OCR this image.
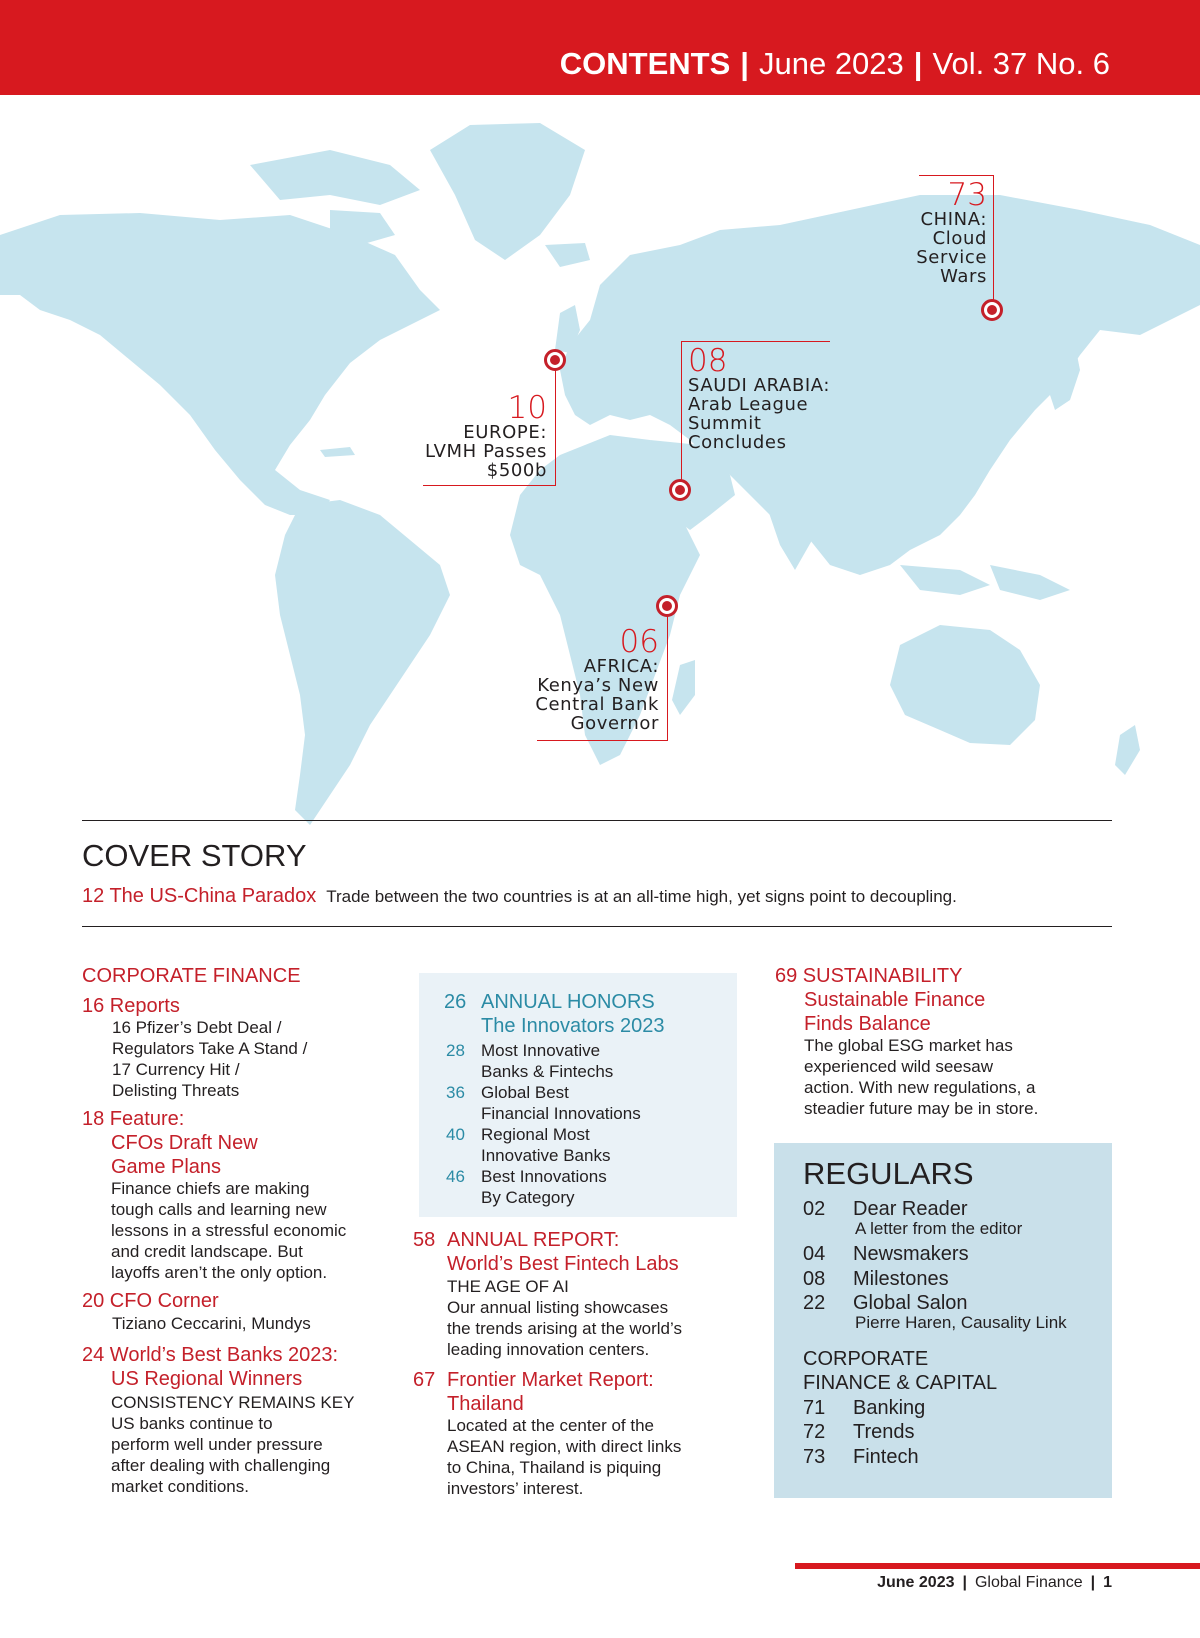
CONTENTS | June 2023 | Vol. 37 No. 6
73
CHINA:
Cloud
Service
Wars
08
SAUDI ARABIA:
Arab League
Summit
Concludes
10
EUROPE:
LVMH Passes
$500b
06
AFRICA:
Kenya’s New
Central Bank
Governor
COVER STORY
12 The US-China Paradox Trade between the two countries is at an all-time high, yet signs point to decoupling.
CORPORATE FINANCE
16 Reports
16 Pfizer’s Debt Deal /
Regulators Take A Stand /
17 Currency Hit /
Delisting Threats
18 Feature:
CFOs Draft New
Game Plans
Finance chiefs are making
tough calls and learning new
lessons in a stressful economic
and credit landscape. But
layoffs aren’t the only option.
20 CFO Corner
Tiziano Ceccarini, Mundys
24 World’s Best Banks 2023:
US Regional Winners
CONSISTENCY REMAINS KEY
US banks continue to
perform well under pressure
after dealing with challenging
market conditions.
26 ANNUAL HONORS
The Innovators 2023
28 Most Innovative
Banks & Fintechs
36 Global Best
Financial Innovations
40 Regional Most
Innovative Banks
46 Best Innovations
By Category
58 ANNUAL REPORT:
World’s Best Fintech Labs
THE AGE OF AI
Our annual listing showcases
the trends arising at the world’s
leading innovation centers.
67 Frontier Market Report:
Thailand
Located at the center of the
ASEAN region, with direct links
to China, Thailand is piquing
investors’ interest.
69 SUSTAINABILITY
Sustainable Finance
Finds Balance
The global ESG market has
experienced wild seesaw
action. With new regulations, a
steadier future may be in store.
REGULARS
02 Dear Reader
A letter from the editor
04 Newsmakers
08 Milestones
22 Global Salon
Pierre Haren, Causality Link
CORPORATE
FINANCE & CAPITAL
71 Banking
72 Trends
73 Fintech
June 2023 | Global Finance | 1
